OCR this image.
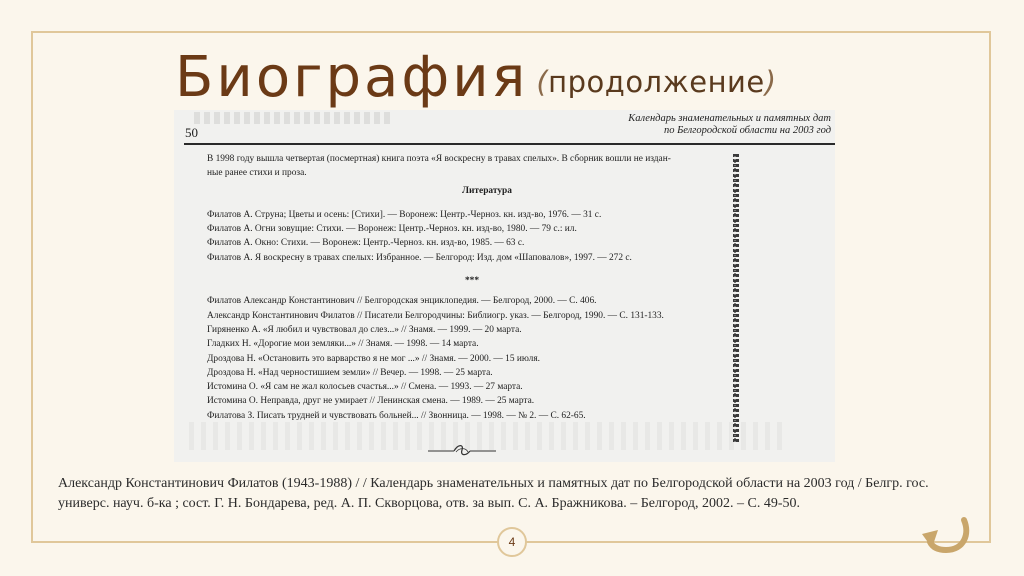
Биография (продолжение)
50
Календарь знаменательных и памятных дат
по Белгородской области на 2003 год

В 1998 году вышла четвертая (посмертная) книга поэта «Я воскресну в травах спелых». В сборник вошли не издан-

ные ранее стихи и проза.

Литература

Филатов А. Струна; Цветы и осень: [Стихи]. — Воронеж: Центр.-Черноз. кн. изд-во, 1976. — 31 с.

Филатов А. Огни зовущие: Стихи. — Воронеж: Центр.-Черноз. кн. изд-во, 1980. — 79 с.: ил.

Филатов А. Окно: Стихи. — Воронеж: Центр.-Черноз. кн. изд-во, 1985. — 63 с.

Филатов А. Я воскресну в травах спелых: Избранное. — Белгород: Изд. дом «Шаповалов», 1997. — 272 с.

***

Филатов Александр Константинович // Белгородская энциклопедия. — Белгород, 2000. — С. 406.

Александр Константинович Филатов // Писатели Белгородчины: Библиогр. указ. — Белгород, 1990. — С. 131-133.

Гиряненко А. «Я любил и чувствовал до слез...» // Знамя. — 1999. — 20 марта.

Гладких Н. «Дорогие мои земляки...» // Знамя. — 1998. — 14 марта.

Дроздова Н. «Остановить это варварство я не мог ...» // Знамя. — 2000. — 15 июля.

Дроздова Н. «Над черностишием земли» // Вечер. — 1998. — 25 марта.

Истомина О. «Я сам не жал колосьев счастья...» // Смена. — 1993. — 27 марта.

Истомина О. Неправда, друг не умирает // Ленинская смена. — 1989. — 25 марта.

Филатова З. Писать трудней и чувствовать больней... // Звонница. — 1998. — № 2. — С. 62-65.

Александр Константинович Филатов (1943-1988) / / Календарь знаменательных и памятных дат по Белгородской области на 2003 год / Белгр. гос. универс. науч. б-ка ; сост. Г. Н. Бондарева, ред. А. П. Скворцова, отв. за вып. С. А. Бражникова. – Белгород, 2002. – С. 49-50.

4
